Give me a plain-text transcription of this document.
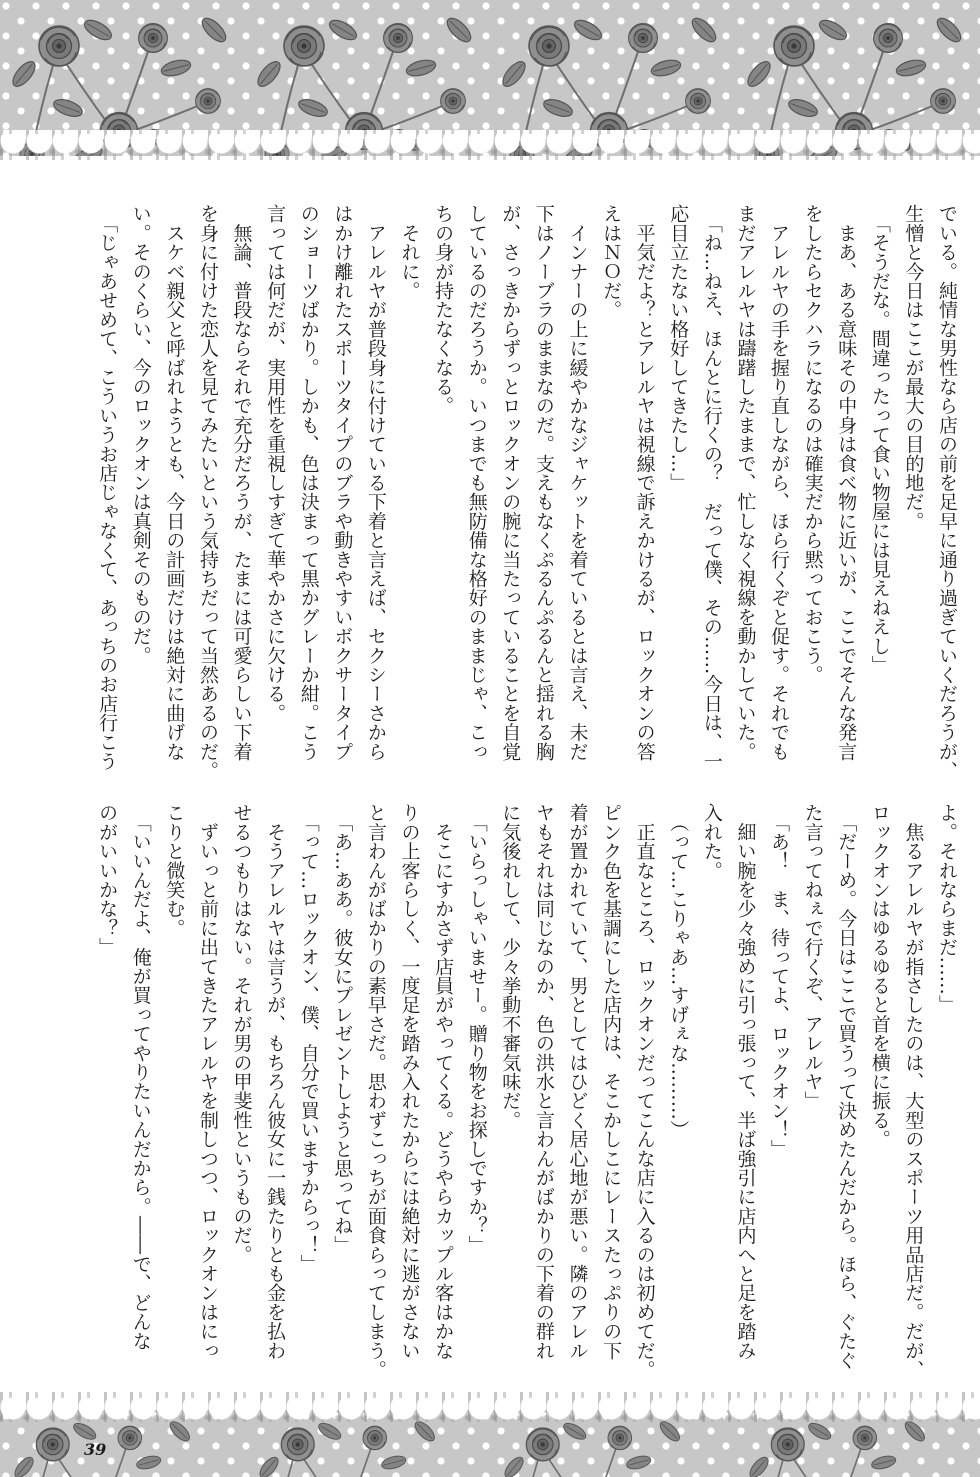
でいる。純情な男性なら店の前を足早に通り過ぎていくだろうが、
生憎と今日はここが最大の目的地だ。
　「そうだな。間違ったって食い物屋には見えねえし」
　まあ、ある意味その中身は食べ物に近いが、ここでそんな発言
をしたらセクハラになるのは確実だから黙っておこう。
　アレルヤの手を握り直しながら、ほら行くぞと促す。それでも
まだアレルヤは躊躇したままで、忙しなく視線を動かしていた。
　「ね…ねえ、ほんとに行くの？　だって僕、その……今日は、一
応目立たない格好してきたし…」
　平気だよ？とアレルヤは視線で訴えかけるが、ロックオンの答
えはＮＯだ。
　インナーの上に緩やかなジャケットを着ているとは言え、未だ
下はノーブラのままなのだ。支えもなくぷるんぷるんと揺れる胸
が、さっきからずっとロックオンの腕に当たっていることを自覚
しているのだろうか。いつまでも無防備な格好のままじゃ、こっ
ちの身が持たなくなる。
　それに。
　アレルヤが普段身に付けている下着と言えば、セクシーさから
はかけ離れたスポーツタイプのブラや動きやすいボクサータイプ
のショーツばかり。しかも、色は決まって黒かグレーか紺。こう
言っては何だが、実用性を重視しすぎて華やかさに欠ける。
　無論、普段ならそれで充分だろうが、たまには可愛らしい下着
を身に付けた恋人を見てみたいという気持ちだって当然あるのだ。
　スケベ親父と呼ばれようとも、今日の計画だけは絶対に曲げな
い。そのくらい、今のロックオンは真剣そのものだ。
　「じゃあせめて、こういうお店じゃなくて、あっちのお店行こう
よ。それならまだ……」
　焦るアレルヤが指さしたのは、大型のスポーツ用品店だ。だが、
ロックオンはゆるゆると首を横に振る。
　「だーめ。今日はここで買うって決めたんだから。ほら、ぐたぐ
た言ってねぇで行くぞ、アレルヤ」
　「あ！　ま、待ってよ、ロックオン！」
　細い腕を少々強めに引っ張って、半ば強引に店内へと足を踏み
入れた。
　（って…こりゃあ…すげぇな………）
　正直なところ、ロックオンだってこんな店に入るのは初めてだ。
ピンク色を基調にした店内は、そこかしこにレースたっぷりの下
着が置かれていて、男としてはひどく居心地が悪い。隣のアレル
ヤもそれは同じなのか、色の洪水と言わんがばかりの下着の群れ
に気後れして、少々挙動不審気味だ。
　「いらっしゃいませー。贈り物をお探しですか？」
　そこにすかさず店員がやってくる。どうやらカップル客はかな
りの上客らしく、一度足を踏み入れたからには絶対に逃がさない
と言わんがばかりの素早さだ。思わずこっちが面食らってしまう。
　「あ…ああ。彼女にプレゼントしようと思ってね」
　「って…ロックオン、僕、自分で買いますからっ！」
　そうアレルヤは言うが、もちろん彼女に一銭たりとも金を払わ
せるつもりはない。それが男の甲斐性というものだ。
　ずいっと前に出てきたアレルヤを制しつつ、ロックオンはにっ
こりと微笑む。
　「いいんだよ、俺が買ってやりたいんだから。――で、どんな
のがいいかな？」
39
